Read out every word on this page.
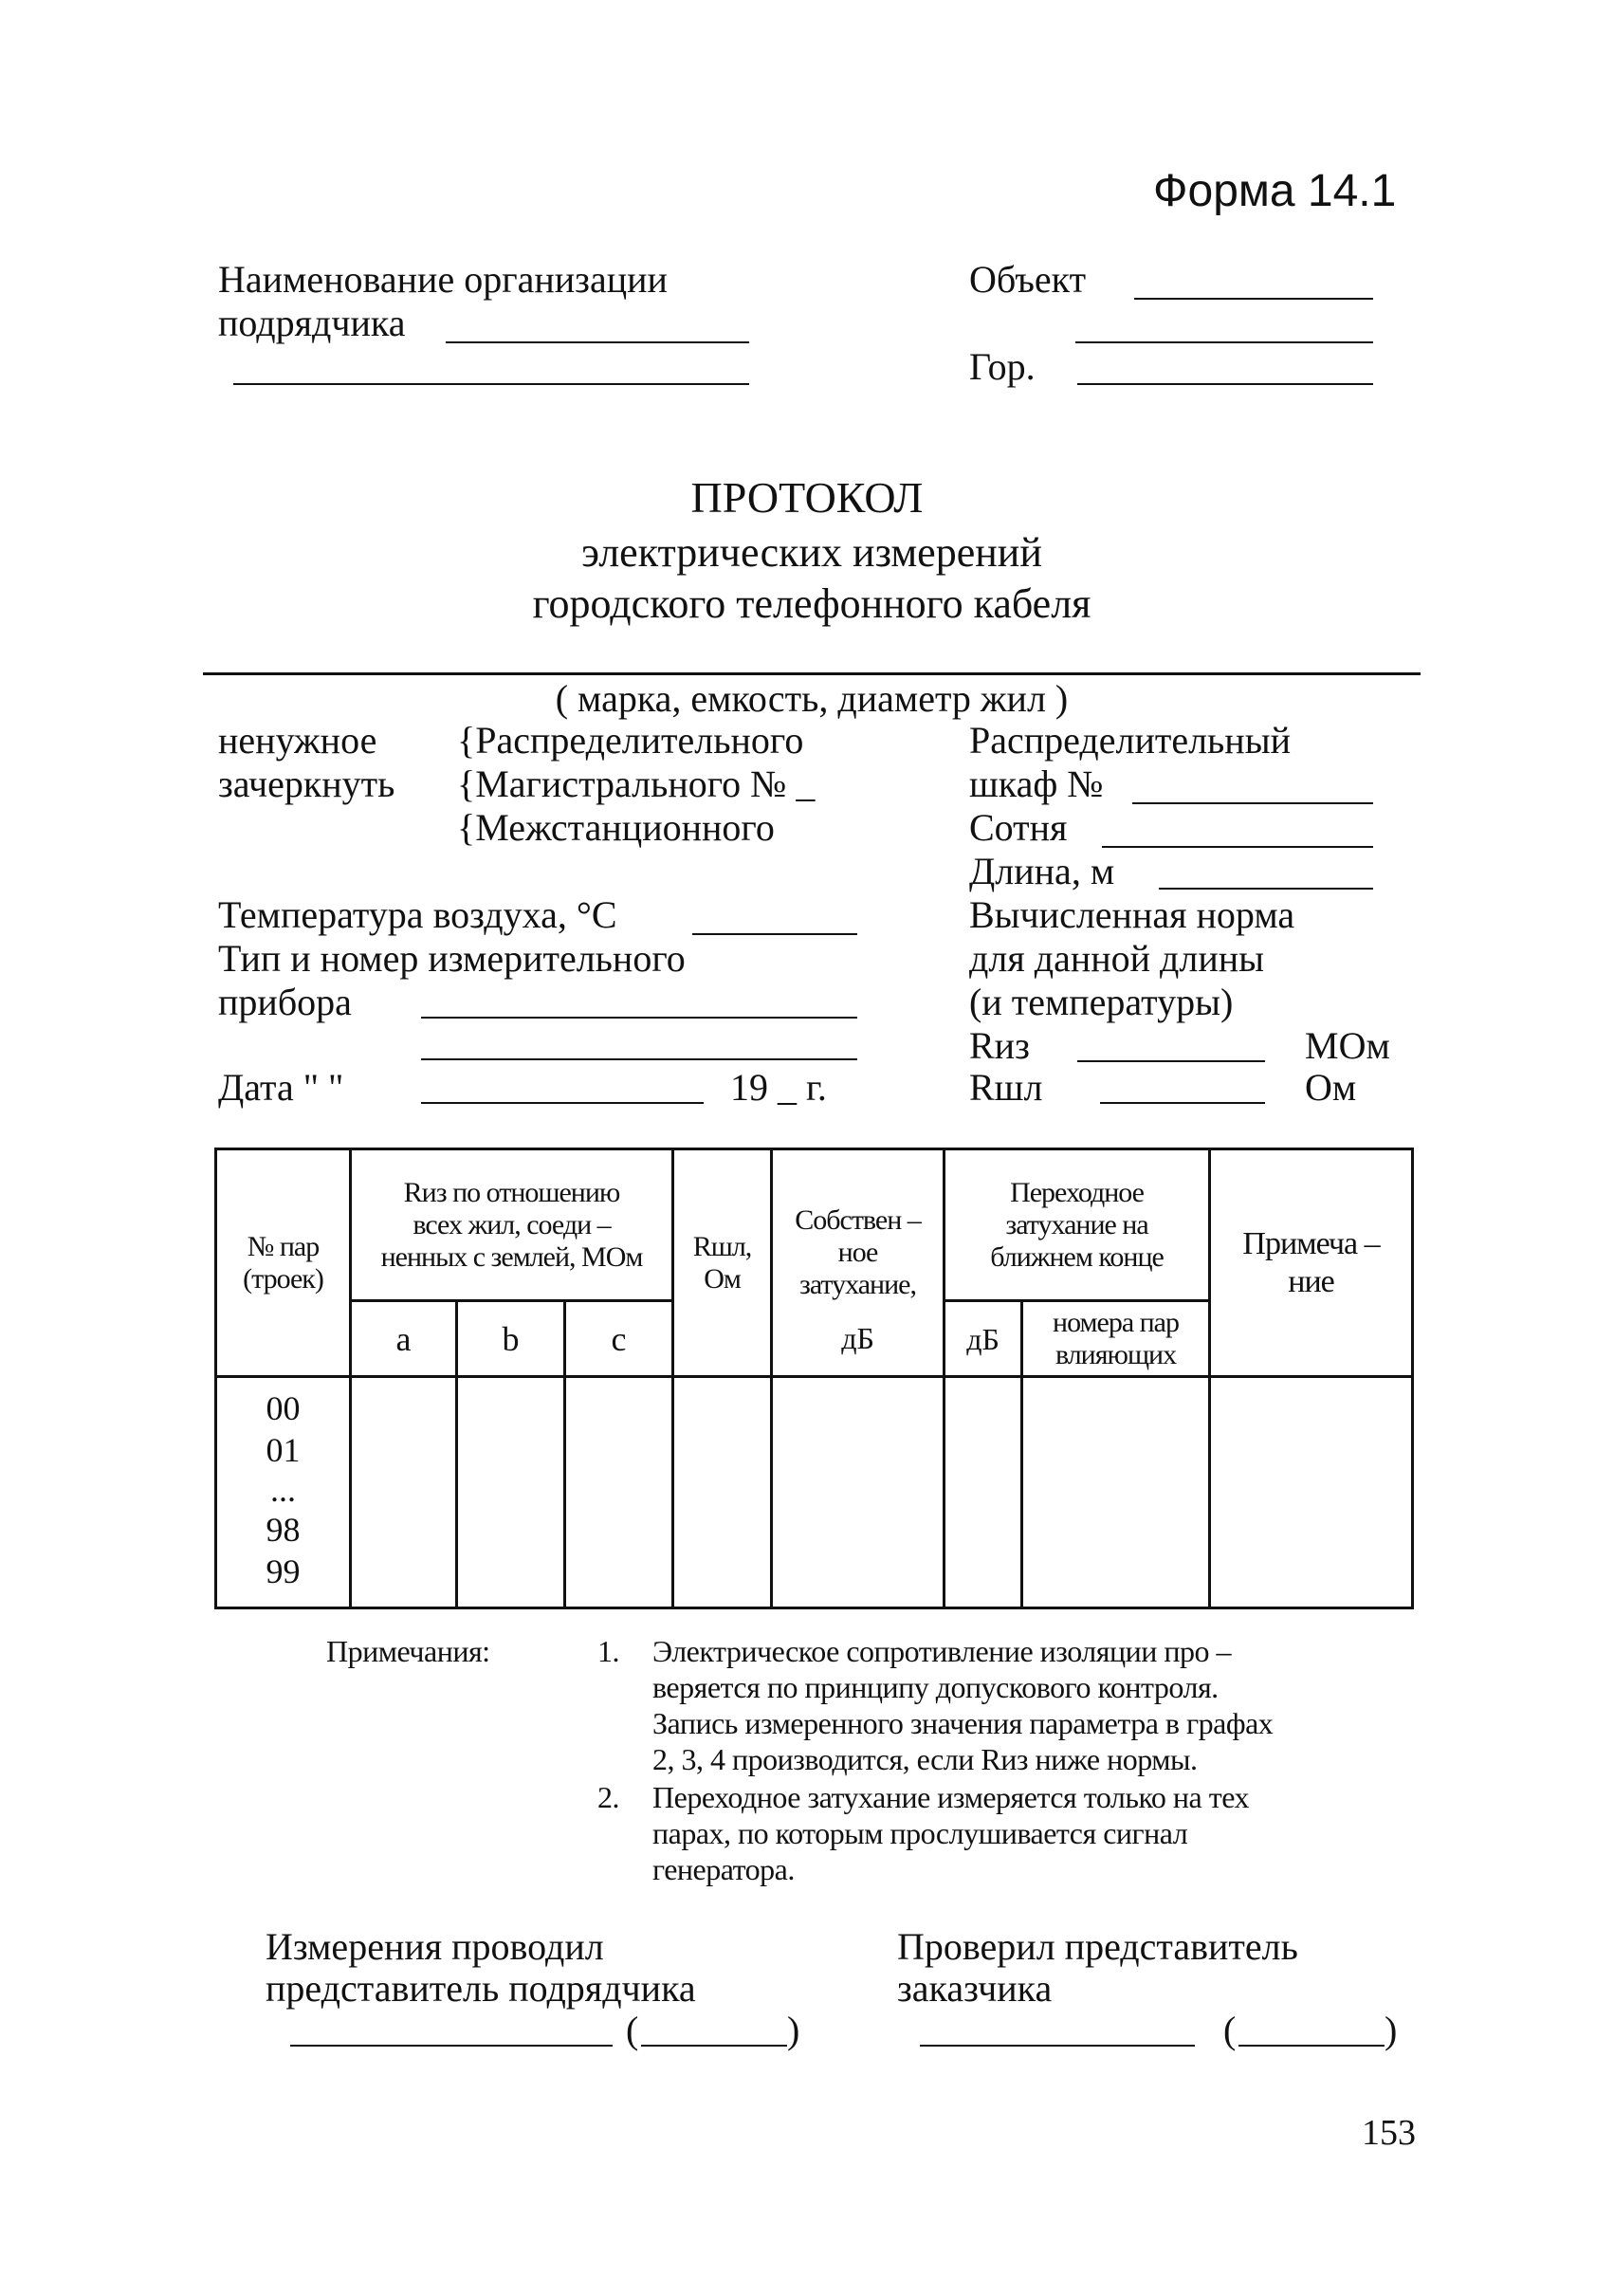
Форма 14.1
Наименование организации
подрядчика
Объект
Гор.
ПРОТОКОЛ
электрических измерений
городского телефонного кабеля
( марка, емкость, диаметр жил )
ненужное
зачеркнуть
{Распределительного
{Магистрального № _
{Межстанционного
Распределительный
шкаф №
Сотня
Длина, м
Вычисленная норма
для данной длины
(и температуры)
Rиз	МОм
Rшл	Ом
Температура воздуха, °С
Тип и номер измерительного
прибора
Дата " "	19 _ г.
№ пар (троек)	Rиз по отношению всех жил, соеди – ненных с землей, МОм			Rшл, Ом	Собствен – ное затухание,	Переходное затухание на ближнем конце		Примеча – ние

	а	b	с		дБ	дБ	номера пар влияющих	

00
01
...
98
99								

Примечания:	1. Электрическое сопротивление изоляции про –
веряется по принципу допускового контроля.
Запись измеренного значения параметра в графах
2, 3, 4 производится, если Rиз ниже нормы.
2. Переходное затухание измеряется только на тех
парах, по которым прослушивается сигнал
генератора.
Измерения проводил
представитель подрядчика
(	)
Проверил представитель
заказчика
(	)
153
